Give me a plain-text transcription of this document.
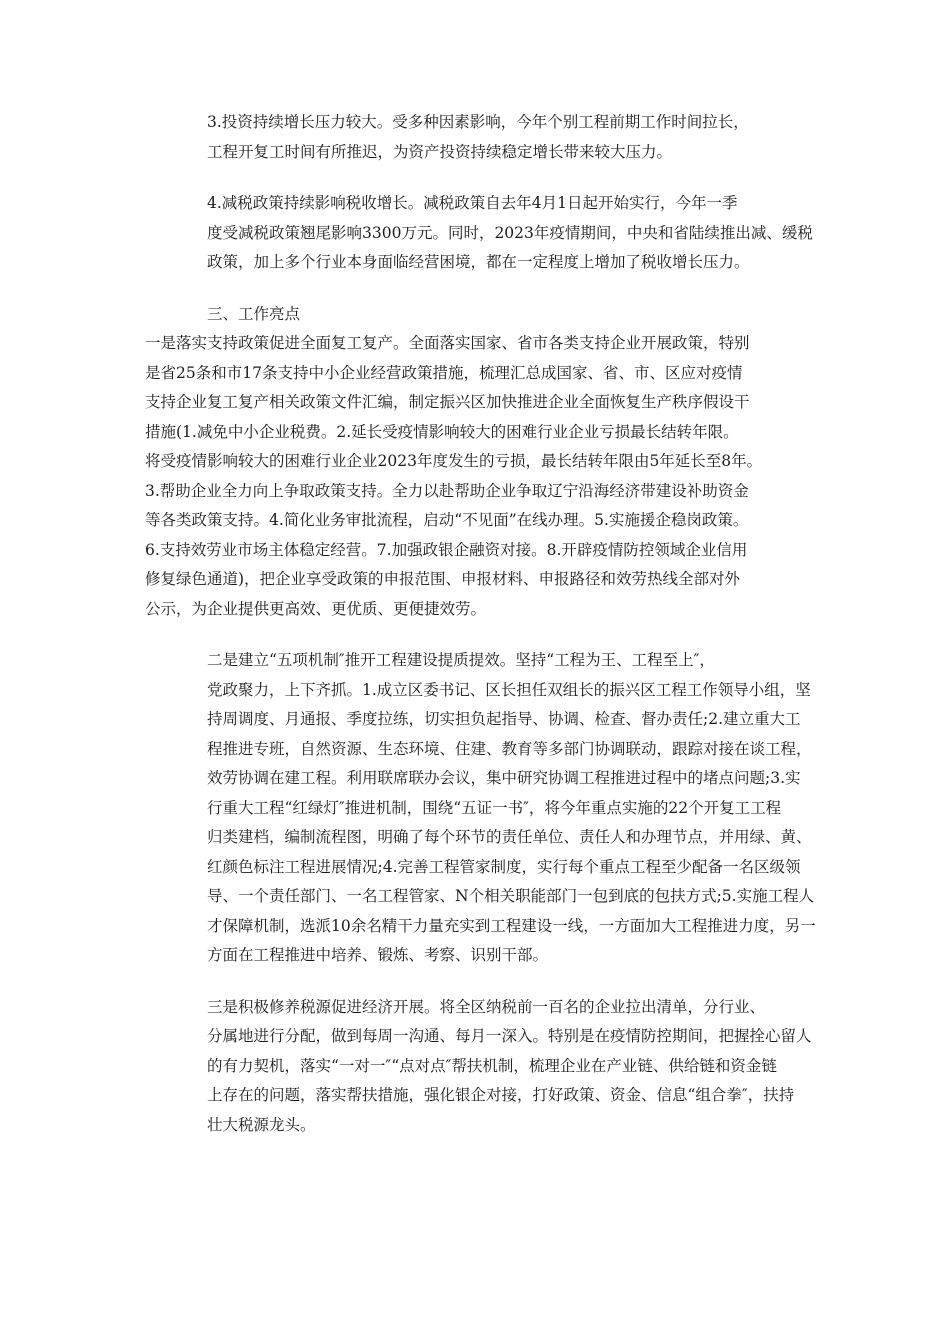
3.投资持续增长压力较大。受多种因素影响，今年个别工程前期工作时间拉长，
工程开复工时间有所推迟，为资产投资持续稳定增长带来较大压力。

4.减税政策持续影响税收增长。减税政策自去年4月1日起开始实行，今年一季
度受减税政策翘尾影响3300万元。同时，2023年疫情期间，中央和省陆续推出减、缓税
政策，加上多个行业本身面临经营困境，都在一定程度上增加了税收增长压力。

三、工作亮点

一是落实支持政策促进全面复工复产。全面落实国家、省市各类支持企业开展政策，特别
是省25条和市17条支持中小企业经营政策措施，梳理汇总成国家、省、市、区应对疫情
支持企业复工复产相关政策文件汇编，制定振兴区加快推进企业全面恢复生产秩序假设干
措施(1.减免中小企业税费。2.延长受疫情影响较大的困难行业企业亏损最长结转年限。
将受疫情影响较大的困难行业企业2023年度发生的亏损，最长结转年限由5年延长至8年。
3.帮助企业全力向上争取政策支持。全力以赴帮助企业争取辽宁沿海经济带建设补助资金
等各类政策支持。4.简化业务审批流程，启动“不见面”在线办理。5.实施援企稳岗政策。
6.支持效劳业市场主体稳定经营。7.加强政银企融资对接。8.开辟疫情防控领域企业信用
修复绿色通道)，把企业享受政策的申报范围、申报材料、申报路径和效劳热线全部对外
公示，为企业提供更高效、更优质、更便捷效劳。

二是建立“五项机制″推开工程建设提质提效。坚持“工程为王、工程至上″，
党政聚力，上下齐抓。1.成立区委书记、区长担任双组长的振兴区工程工作领导小组，坚
持周调度、月通报、季度拉练，切实担负起指导、协调、检查、督办责任;2.建立重大工
程推进专班，自然资源、生态环境、住建、教育等多部门协调联动，跟踪对接在谈工程，
效劳协调在建工程。利用联席联办会议，集中研究协调工程推进过程中的堵点问题;3.实
行重大工程“红绿灯″推进机制，围绕“五证一书″，将今年重点实施的22个开复工工程
归类建档，编制流程图，明确了每个环节的责任单位、责任人和办理节点，并用绿、黄、
红颜色标注工程进展情况;4.完善工程管家制度，实行每个重点工程至少配备一名区级领
导、一个责任部门、一名工程管家、N个相关职能部门一包到底的包扶方式;5.实施工程人
才保障机制，选派10余名精干力量充实到工程建设一线，一方面加大工程推进力度，另一
方面在工程推进中培养、锻炼、考察、识别干部。

三是积极修养税源促进经济开展。将全区纳税前一百名的企业拉出清单，分行业、
分属地进行分配，做到每周一沟通、每月一深入。特别是在疫情防控期间，把握拴心留人
的有力契机，落实“一对一″“点对点″帮扶机制，梳理企业在产业链、供给链和资金链
上存在的问题，落实帮扶措施，强化银企对接，打好政策、资金、信息“组合拳″，扶持
壮大税源龙头。
